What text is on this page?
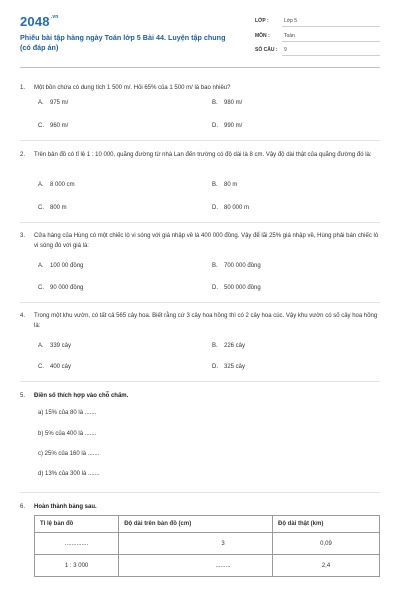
$2048^{.vn}$
Phiếu bài tập hàng ngày Toán lớp 5 Bài 44. Luyện tập chung (có đáp án)
LỚP :	Lớp 5
MÔN :	Toán
SỐ CÂU : 9
1. Một bồn chứa có dung tích 1 500 m/. Hỏi 65% của 1 500 m/ là bao nhiêu?
A. 975 m/	B. 980 m/
C. 960 m/	D. 990 m/
2. Trên bản đồ có tỉ lệ 1 : 10 000, quãng đường từ nhà Lan đến trường có độ dài là 8 cm. Vậy độ dài thật của quãng đường đó là:
A. 8 000 cm	B. 80 m
C. 800 m	D. 80 000 m
3. Cửa hàng của Hùng có một chiếc lò vi sóng với giá nhập về là 400 000 đồng. Vậy để lãi 25% giá nhập về, Hùng phải bán chiếc lò vi sóng đó với giá là:
A. 100 00 đồng	B. 700 000 đồng
C. 90 000 đồng	D. 500 000 đồng
4. Trong một khu vườn, có tất cả 565 cây hoa. Biết rằng cứ 3 cây hoa hồng thì có 2 cây hoa cúc. Vậy khu vườn có số cây hoa hồng là:
A. 339 cây	B. 226 cây
C. 400 cây	D. 325 cây
5. Điền số thích hợp vào chỗ chấm.
a) 15% của 80 là .......
b) 5% của 400 là .......
c) 25% của 160 là .......
d) 13% của 300 là .......
6. Hoàn thành bảng sau.
Tỉ lệ bản đồ	Độ dài trên bản đồ (cm)	Độ dài thật (km)
..............	3	0,09
1 : 3 000	.........	2,4
